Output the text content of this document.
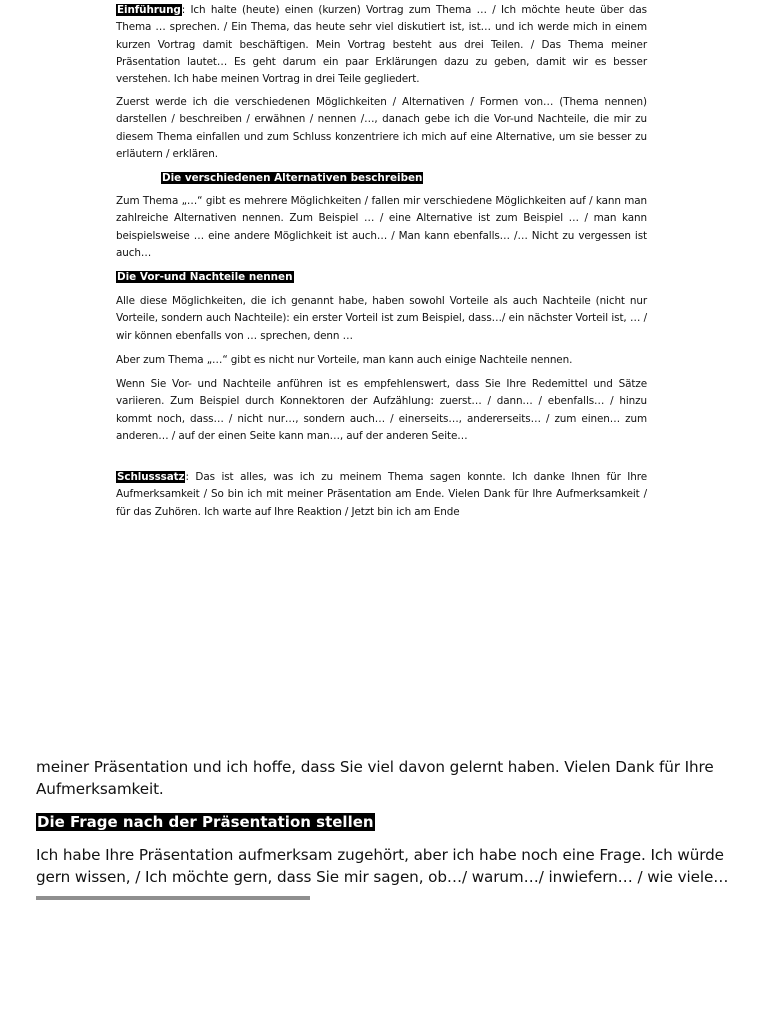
Einführung: Ich halte (heute) einen (kurzen) Vortrag zum Thema … / Ich möchte heute über das Thema … sprechen. / Ein Thema, das heute sehr viel diskutiert ist, ist… und ich werde mich in einem kurzen Vortrag damit beschäftigen. Mein Vortrag besteht aus drei Teilen. / Das Thema meiner Präsentation lautet… Es geht darum ein paar Erklärungen dazu zu geben, damit wir es besser verstehen. Ich habe meinen Vortrag in drei Teile gegliedert.

Zuerst werde ich die verschiedenen Möglichkeiten / Alternativen / Formen von… (Thema nennen) darstellen / beschreiben / erwähnen / nennen /…, danach gebe ich die Vor-und Nachteile, die mir zu diesem Thema einfallen und zum Schluss konzentriere ich mich auf eine Alternative, um sie besser zu erläutern / erklären.

Die verschiedenen Alternativen beschreiben

Zum Thema „…“ gibt es mehrere Möglichkeiten / fallen mir verschiedene Möglichkeiten auf / kann man zahlreiche Alternativen nennen. Zum Beispiel … / eine Alternative ist zum Beispiel … / man kann beispielsweise … eine andere Möglichkeit ist auch… / Man kann ebenfalls… /… Nicht zu vergessen ist auch…

Die Vor-und Nachteile nennen

Alle diese Möglichkeiten, die ich genannt habe, haben sowohl Vorteile als auch Nachteile (nicht nur Vorteile, sondern auch Nachteile): ein erster Vorteil ist zum Beispiel, dass…/ ein nächster Vorteil ist, … / wir können ebenfalls von … sprechen, denn …

Aber zum Thema „…“ gibt es nicht nur Vorteile, man kann auch einige Nachteile nennen.

Wenn Sie Vor- und Nachteile anführen ist es empfehlenswert, dass Sie Ihre Redemittel und Sätze variieren. Zum Beispiel durch Konnektoren der Aufzählung: zuerst… / dann… / ebenfalls… / hinzu kommt noch, dass… / nicht nur…, sondern auch… / einerseits…, andererseits… / zum einen… zum anderen… / auf der einen Seite kann man…, auf der anderen Seite…

Schlusssatz: Das ist alles, was ich zu meinem Thema sagen konnte. Ich danke Ihnen für Ihre Aufmerksamkeit / So bin ich mit meiner Präsentation am Ende. Vielen Dank für Ihre Aufmerksamkeit / für das Zuhören. Ich warte auf Ihre Reaktion / Jetzt bin ich am Ende

meiner Präsentation und ich hoffe, dass Sie viel davon gelernt haben. Vielen Dank für Ihre Aufmerksamkeit.

Die Frage nach der Präsentation stellen

Ich habe Ihre Präsentation aufmerksam zugehört, aber ich habe noch eine Frage. Ich würde gern wissen, / Ich möchte gern, dass Sie mir sagen, ob…/ warum…/ inwiefern… / wie viele…
